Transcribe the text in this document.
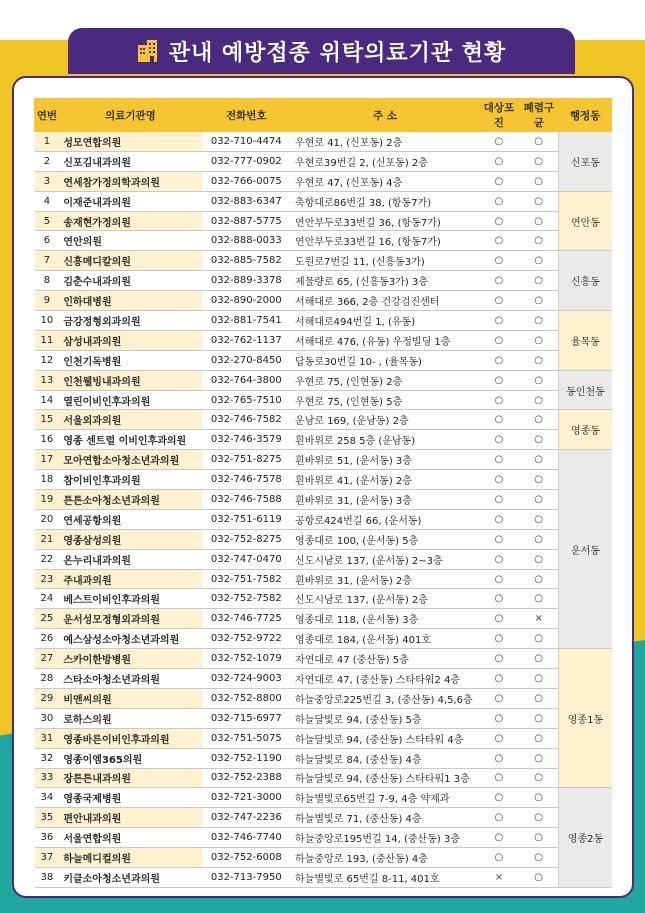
관내 예방접종 위탁의료기관 현황
연번	의료기관명	전화번호	주 소	대상포진	폐렴구균	행정동
1	성모연합의원	032-710-4474	우현로 41, (신포동) 2층	○	○	신포동
2	신포김내과의원	032-777-0902	우현로39번길 2, (신포동) 2층	○	○	
3	연세참가정의학과의원	032-766-0075	우현로 47, (신포동) 4층	○	○	
4	이재준내과의원	032-883-6347	축항대로86번길 38, (항동7가)	○	○	연안동
5	송재현가정의원	032-887-5775	연안부두로33번길 36, (항동7가)	○	○	
6	연안의원	032-888-0033	연안부두로33번길 16, (항동7가)	○	○	
7	신흥메디칼의원	032-885-7582	도원로7번길 11, (신흥동3가)	○	○	신흥동
8	김춘수내과의원	032-889-3378	제물량로 65, (신흥동3가) 3층	○	○	
9	인하대병원	032-890-2000	서해대로 366, 2층 건강검진센터	○	○	
10	금강정형외과의원	032-881-7541	서해대로494번길 1, (유동)	○	○	율목동
11	삼성내과의원	032-762-1137	서해대로 476, (유동) 우정빌딩 1층	○	○	
12	인천기독병원	032-270-8450	답동로30번길 10- , (율목동)	○	○	
13	인천웰빙내과의원	032-764-3800	우현로 75, (인현동) 2층	○	○	동인천동
14	열린이비인후과의원	032-765-7510	우현로 75, (인현동) 5층	○	○	
15	서울외과의원	032-746-7582	운남로 169, (운남동) 2층	○	○	영종동
16	영종 센트럴 이비인후과의원	032-746-3579	흰바위로 258 5층 (운남동)	○	○	
17	모아연합소아청소년과의원	032-751-8275	흰바위로 51, (운서동) 3층	○	○	운서동
18	참이비인후과의원	032-746-7578	흰바위로 41, (운서동) 2층	○	○	
19	튼튼소아청소년과의원	032-746-7588	흰바위로 31, (운서동) 3층	○	○	
20	연세공항의원	032-751-6119	공항로424번길 66, (운서동)	○	○	
21	영종삼성의원	032-752-8275	영종대로 100, (운서동) 5층	○	○	
22	온누리내과의원	032-747-0470	신도시남로 137, (운서동) 2~3층	○	○	
23	주내과의원	032-751-7582	흰바위로 31, (운서동) 2층	○	○	
24	베스트이비인후과의원	032-752-7582	신도시남로 137, (운서동) 2층	○	○	
25	운서성모정형외과의원	032-746-7725	영종대로 118, (운서동) 3층	○	×	
26	예스삼성소아청소년과의원	032-752-9722	영종대로 184, (운서동) 401호	○	○	
27	스카이한방병원	032-752-1079	자연대로 47 (중산동) 5층	○	○	영종1동
28	스타소아청소년과의원	032-724-9003	자연대로 47, (중산동) 스타타워2 4층	○	○	
29	비앤씨의원	032-752-8800	하늘중앙로225번길 3, (중산동) 4,5,6층	○	○	
30	로하스의원	032-715-6977	하늘달빛로 94, (중산동) 5층	○	○	
31	영종바른이비인후과의원	032-751-5075	하늘달빛로 94, (중산동) 스타타워 4층	○	○	
32	영종이엠365의원	032-752-1190	하늘달빛로 84, (중산동) 4층	○	○	
33	장튼튼내과의원	032-752-2388	하늘달빛로 94, (중산동) 스타타워1 3층	○	○	
34	영종국제병원	032-721-3000	하늘별빛로65번길 7-9, 4층 약제과	○	○	영종2동
35	편안내과의원	032-747-2236	하늘별빛로 71, (중산동) 4층	○	○	
36	서울연합의원	032-746-7740	하늘중앙로195번길 14, (중산동) 3층	○	○	
37	하늘메디컬의원	032-752-6008	하늘중앙로 193, (중산동) 4층	○	○	
38	키클소아청소년과의원	032-713-7950	하늘별빛로 65번길 8-11, 401호	×	○	
